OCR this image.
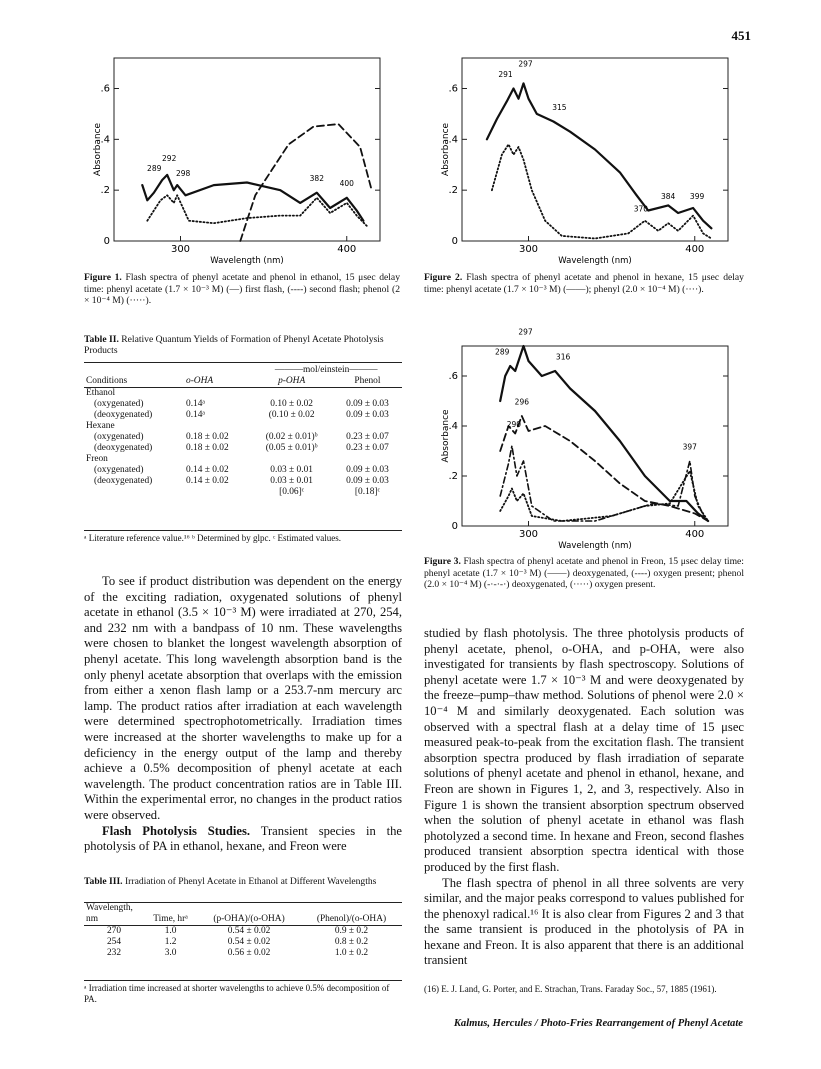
451
0
.2
.4
.6
300	400
Wavelength (nm)
Absorbance	289
292
298
382
400
Figure 1. Flash spectra of phenyl acetate and phenol in ethanol, 15 μsec delay time: phenyl acetate (1.7 × 10⁻³ M) (—) first flash, (----) second flash; phenol (2 × 10⁻⁴ M) (·····).
0
.2
.4
.6
300	400
Wavelength (nm)
Absorbance
291
297
315
370
384 399
Figure 2. Flash spectra of phenyl acetate and phenol in hexane, 15 μsec delay time: phenyl acetate (1.7 × 10⁻³ M) (——); phenyl (2.0 × 10⁻⁴ M) (····).
0
.2
.4
.6
300	400
Wavelength (nm)
Absorbance
289
297
316
296
290
397
Figure 3. Flash spectra of phenyl acetate and phenol in Freon, 15 μsec delay time: phenyl acetate (1.7 × 10⁻³ M) (——) deoxygenated, (----) oxygen present; phenol (2.0 × 10⁻⁴ M) (-·-·-·) deoxygenated, (·····) oxygen present.
Table II. Relative Quantum Yields of Formation of Phenyl Acetate Photolysis Products
		———mol/einstein———	
Conditions	o-OHA	p-OHA	Phenol
Ethanol			
(oxygenated)	0.14ᵃ	0.10 ± 0.02	0.09 ± 0.03
(deoxygenated)	0.14ᵃ	(0.10 ± 0.02	0.09 ± 0.03
Hexane			
(oxygenated)	0.18 ± 0.02	(0.02 ± 0.01)ᵇ	0.23 ± 0.07
(deoxygenated)	0.18 ± 0.02	(0.05 ± 0.01)ᵇ	0.23 ± 0.07
Freon			
(oxygenated)	0.14 ± 0.02	0.03 ± 0.01	0.09 ± 0.03
(deoxygenated)	0.14 ± 0.02	0.03 ± 0.01	0.09 ± 0.03
		[0.06]ᶜ	[0.18]ᶜ
ᵃ Literature reference value.¹⁶ ᵇ Determined by glpc. ᶜ Estimated values.

To see if product distribution was dependent on the energy of the exciting radiation, oxygenated solutions of phenyl acetate in ethanol (3.5 × 10⁻³ M) were irradiated at 270, 254, and 232 nm with a bandpass of 10 nm. These wavelengths were chosen to blanket the longest wavelength absorption of phenyl acetate. This long wavelength absorption band is the only phenyl acetate absorption that overlaps with the emission from either a xenon flash lamp or a 253.7-nm mercury arc lamp. The product ratios after irradiation at each wavelength were determined spectrophotometrically. Irradiation times were increased at the shorter wavelengths to make up for a deficiency in the energy output of the lamp and thereby achieve a 0.5% decomposition of phenyl acetate at each wavelength. The product concentration ratios are in Table III. Within the experimental error, no changes in the product ratios were observed.

Flash Photolysis Studies. Transient species in the photolysis of PA in ethanol, hexane, and Freon were

Table III. Irradiation of Phenyl Acetate in Ethanol at Different Wavelengths
Wavelength, nm	Time, hrᵃ	(p-OHA)/(o-OHA)	(Phenol)/(o-OHA)
270	1.0	0.54 ± 0.02	0.9 ± 0.2
254	1.2	0.54 ± 0.02	0.8 ± 0.2
232	3.0	0.56 ± 0.02	1.0 ± 0.2
ᵃ Irradiation time increased at shorter wavelengths to achieve 0.5% decomposition of PA.

studied by flash photolysis. The three photolysis products of phenyl acetate, phenol, o-OHA, and p-OHA, were also investigated for transients by flash spectroscopy. Solutions of phenyl acetate were 1.7 × 10⁻³ M and were deoxygenated by the freeze–pump–thaw method. Solutions of phenol were 2.0 × 10⁻⁴ M and similarly deoxygenated. Each solution was observed with a spectral flash at a delay time of 15 μsec measured peak-to-peak from the excitation flash. The transient absorption spectra produced by flash irradiation of separate solutions of phenyl acetate and phenol in ethanol, hexane, and Freon are shown in Figures 1, 2, and 3, respectively. Also in Figure 1 is shown the transient absorption spectrum observed when the solution of phenyl acetate in ethanol was flash photolyzed a second time. In hexane and Freon, second flashes produced transient absorption spectra identical with those produced by the first flash.

The flash spectra of phenol in all three solvents are very similar, and the major peaks correspond to values published for the phenoxyl radical.¹⁶ It is also clear from Figures 2 and 3 that the same transient is produced in the photolysis of PA in hexane and Freon. It is also apparent that there is an additional transient

(16) E. J. Land, G. Porter, and E. Strachan, Trans. Faraday Soc., 57, 1885 (1961).
Kalmus, Hercules / Photo-Fries Rearrangement of Phenyl Acetate
